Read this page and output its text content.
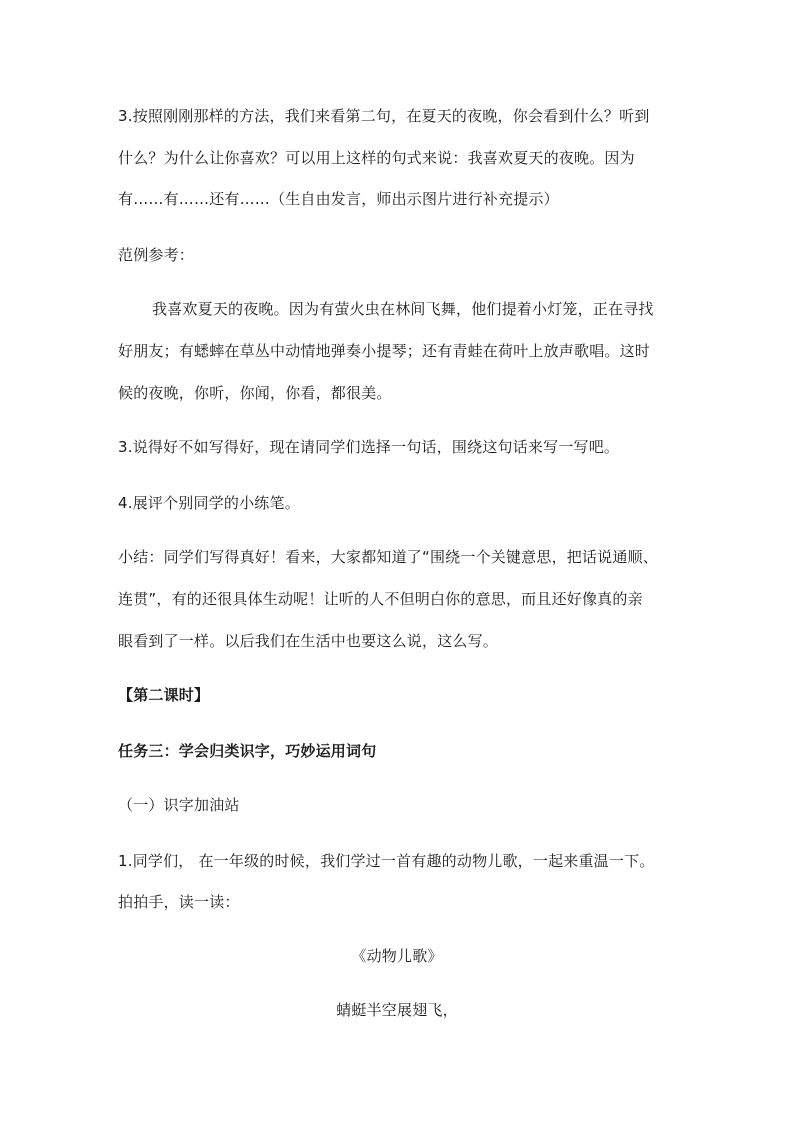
3.按照刚刚那样的方法，我们来看第二句，在夏天的夜晚，你会看到什么？听到
什么？为什么让你喜欢？可以用上这样的句式来说：我喜欢夏天的夜晚。因为
有……有……还有……（生自由发言，师出示图片进行补充提示）
范例参考：
我喜欢夏天的夜晚。因为有萤火虫在林间飞舞，他们提着小灯笼，正在寻找
好朋友；有蟋蟀在草丛中动情地弹奏小提琴；还有青蛙在荷叶上放声歌唱。这时
候的夜晚，你听，你闻，你看，都很美。
3.说得好不如写得好，现在请同学们选择一句话，围绕这句话来写一写吧。
4.展评个别同学的小练笔。
小结：同学们写得真好！看来，大家都知道了“围绕一个关键意思，把话说通顺、
连贯”，有的还很具体生动呢！让听的人不但明白你的意思，而且还好像真的亲
眼看到了一样。以后我们在生活中也要这么说，这么写。
【第二课时】
任务三：学会归类识字，巧妙运用词句
（一）识字加油站
1.同学们， 在一年级的时候，我们学过一首有趣的动物儿歌，一起来重温一下。
拍拍手，读一读：
《动物儿歌》
蜻蜓半空展翅飞，
